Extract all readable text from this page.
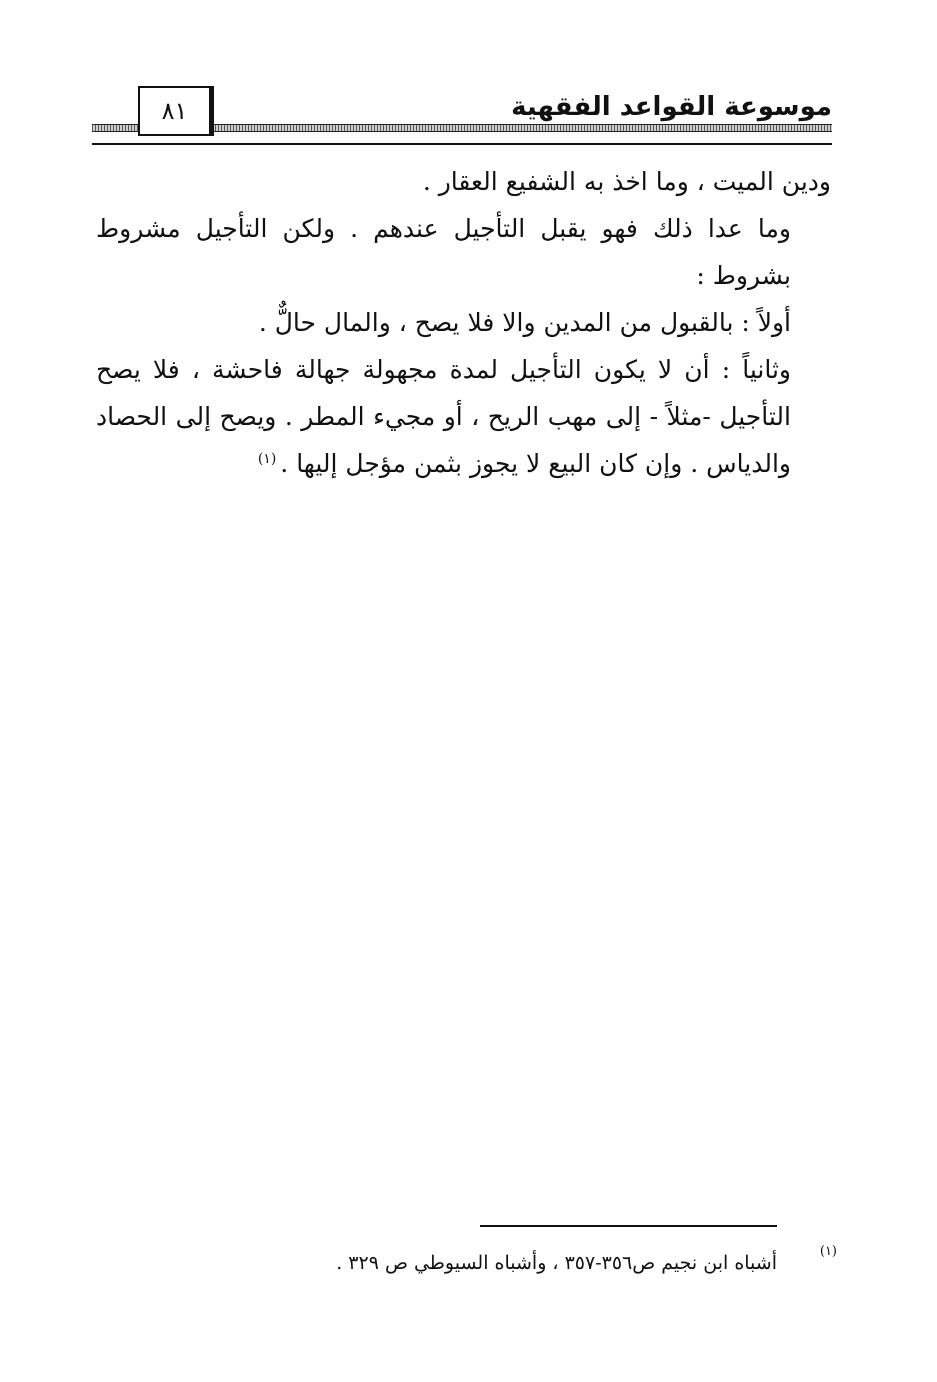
٨١	موسوعة القواعد الفقهية

ودين الميت ، وما اخذ به الشفيع العقار .

وما عدا ذلك فهو يقبل التأجيل عندهم . ولكن التأجيل مشروط بشروط :

أولاً : بالقبول من المدين والا فلا يصح ، والمال حالٌّ .

وثانياً : أن لا يكون التأجيل لمدة مجهولة جهالة فاحشة ، فلا يصح التأجيل -مثلاً - إلى مهب الريح ، أو مجيء المطر . ويصح إلى الحصاد والدياس . وإن كان البيع لا يجوز بثمن مؤجل إليها .$^{(١)}$

(١)
أشباه ابن نجيم ص٣٥٦-٣٥٧ ، وأشباه السيوطي ص ٣٢٩ .
